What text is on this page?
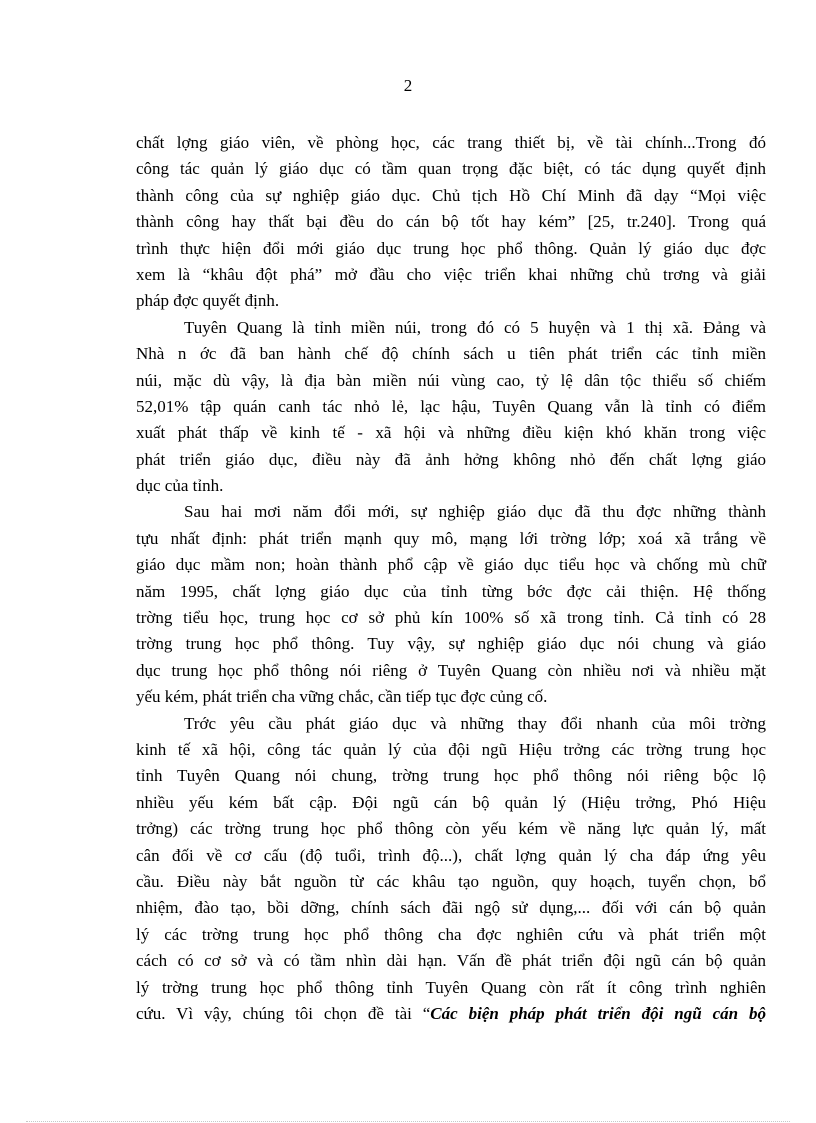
2
chất lợng giáo viên, về phòng học, các trang thiết bị, về tài chính...Trong đó
công tác quản lý giáo dục có tầm quan trọng đặc biệt, có tác dụng quyết định
thành công của sự nghiệp giáo dục. Chủ tịch Hồ Chí Minh đã dạy “Mọi việc
thành công hay thất bại đều do cán bộ tốt hay kém” [25, tr.240]. Trong quá
trình thực hiện đổi mới giáo dục trung học phổ thông. Quản lý giáo dục đợc
xem là “khâu đột phá” mở đầu cho việc triển khai những chủ trơng và giải
pháp đợc quyết định.
Tuyên Quang là tỉnh miền núi, trong đó có 5 huyện và 1 thị xã. Đảng và
Nhà n ớc đã ban hành chế độ chính sách u tiên phát triển các tỉnh miền
núi, mặc dù vậy, là địa bàn miền núi vùng cao, tỷ lệ dân tộc thiểu số chiếm
52,01% tập quán canh tác nhỏ lẻ, lạc hậu, Tuyên Quang vẫn là tỉnh có điểm
xuất phát thấp về kinh tế - xã hội và những điều kiện khó khăn trong việc
phát triển giáo dục, điều này đã ảnh hởng không nhỏ đến chất lợng giáo
dục của tỉnh.
Sau hai mơi năm đổi mới, sự nghiệp giáo dục đã thu đợc những thành
tựu nhất định: phát triển mạnh quy mô, mạng lới trờng lớp; xoá xã trắng về
giáo dục mầm non; hoàn thành phổ cập về giáo dục tiểu học và chống mù chữ
năm 1995, chất lợng giáo dục của tỉnh từng bớc đợc cải thiện. Hệ thống
trờng tiểu học, trung học cơ sở phủ kín 100% số xã trong tỉnh. Cả tỉnh có 28
trờng trung học phổ thông. Tuy vậy, sự nghiệp giáo dục nói chung và giáo
dục trung học phổ thông nói riêng ở Tuyên Quang còn nhiều nơi và nhiều mặt
yếu kém, phát triển cha vững chắc, cần tiếp tục đợc củng cố.
Trớc yêu cầu phát giáo dục và những thay đổi nhanh của môi trờng
kinh tế xã hội, công tác quản lý của đội ngũ Hiệu trởng các trờng trung học
tỉnh Tuyên Quang nói chung, trờng trung học phổ thông nói riêng bộc lộ
nhiều yếu kém bất cập. Đội ngũ cán bộ quản lý (Hiệu trởng, Phó Hiệu
trởng) các trờng trung học phổ thông còn yếu kém về năng lực quản lý, mất
cân đối về cơ cấu (độ tuổi, trình độ...), chất lợng quản lý cha đáp ứng yêu
cầu. Điều này bắt nguồn từ các khâu tạo nguồn, quy hoạch, tuyển chọn, bổ
nhiệm, đào tạo, bồi dỡng, chính sách đãi ngộ sử dụng,... đối với cán bộ quản
lý các trờng trung học phổ thông cha đợc nghiên cứu và phát triển một
cách có cơ sở và có tầm nhìn dài hạn. Vấn đề phát triển đội ngũ cán bộ quản
lý trờng trung học phổ thông tỉnh Tuyên Quang còn rất ít công trình nghiên
cứu. Vì vậy, chúng tôi chọn đề tài “Các biện pháp phát triển đội ngũ cán bộ
